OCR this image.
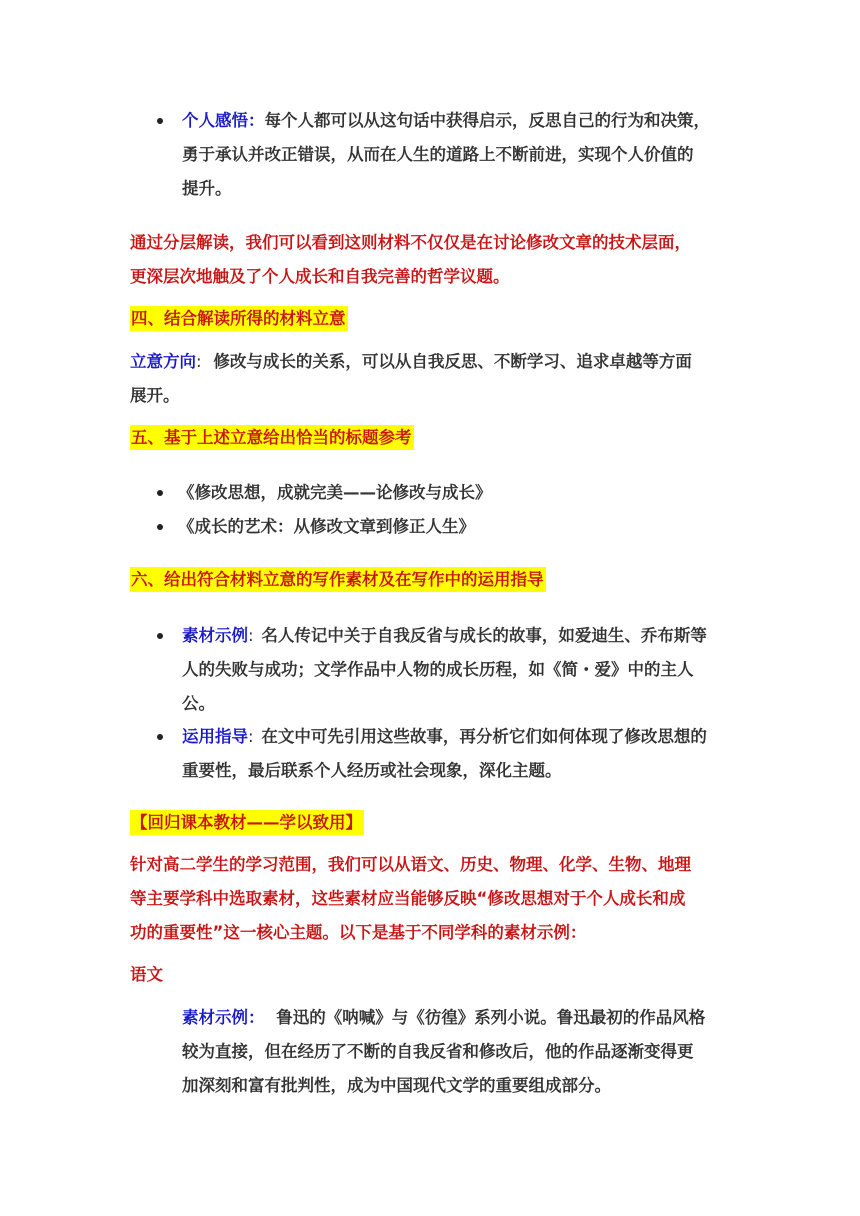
个人感悟：每个人都可以从这句话中获得启示，反思自己的行为和决策，
勇于承认并改正错误，从而在人生的道路上不断前进，实现个人价值的
提升。
通过分层解读，我们可以看到这则材料不仅仅是在讨论修改文章的技术层面，
更深层次地触及了个人成长和自我完善的哲学议题。
四、结合解读所得的材料立意
立意方向: 修改与成长的关系，可以从自我反思、不断学习、追求卓越等方面
展开。
五、基于上述立意给出恰当的标题参考
《修改思想，成就完美——论修改与成长》
《成长的艺术：从修改文章到修正人生》
六、给出符合材料立意的写作素材及在写作中的运用指导
素材示例: 名人传记中关于自我反省与成长的故事，如爱迪生、乔布斯等
人的失败与成功；文学作品中人物的成长历程，如《简・爱》中的主人
公。
运用指导: 在文中可先引用这些故事，再分析它们如何体现了修改思想的
重要性，最后联系个人经历或社会现象，深化主题。
【回归课本教材——学以致用】
针对高二学生的学习范围，我们可以从语文、历史、物理、化学、生物、地理
等主要学科中选取素材，这些素材应当能够反映“修改思想对于个人成长和成
功的重要性”这一核心主题。以下是基于不同学科的素材示例：
语文
素材示例： 鲁迅的《呐喊》与《彷徨》系列小说。鲁迅最初的作品风格
较为直接，但在经历了不断的自我反省和修改后，他的作品逐渐变得更
加深刻和富有批判性，成为中国现代文学的重要组成部分。
